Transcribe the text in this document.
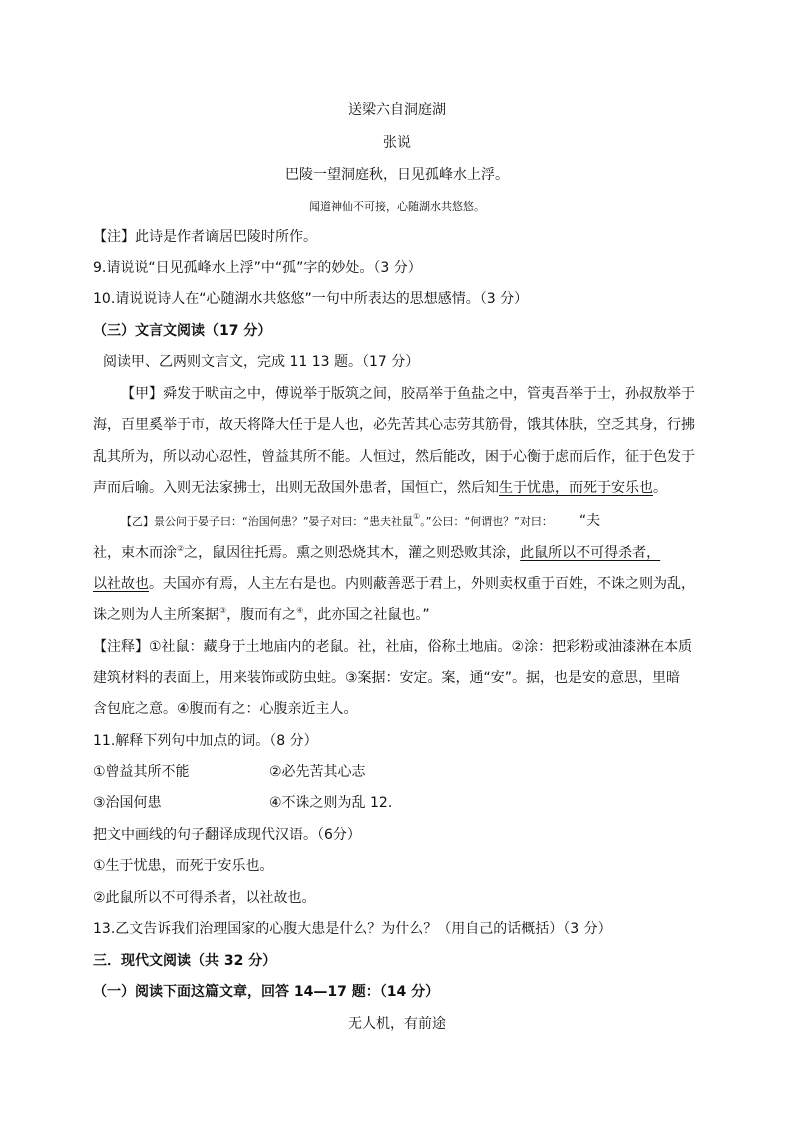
送梁六自洞庭湖
张说
巴陵一望洞庭秋，日见孤峰水上浮。
闻道神仙不可接，心随湖水共悠悠。
【注】此诗是作者谪居巴陵时所作。
9.请说说“日见孤峰水上浮”中“孤”字的妙处。（3 分）
10.请说说诗人在“心随湖水共悠悠”一句中所表达的思想感情。（3 分）
（三）文言文阅读（17 分）
阅读甲、乙两则文言文，完成 11 13 题。（17 分）
【甲】舜发于畎亩之中，傅说举于版筑之间，胶鬲举于鱼盐之中，管夷吾举于士，孙叔敖举于
海，百里奚举于市，故天将降大任于是人也，必先苦其心志劳其筋骨，饿其体肤，空乏其身，行拂
乱其所为，所以动心忍性，曾益其所不能。人恒过，然后能改，困于心衡于虑而后作，征于色发于
声而后喻。入则无法家拂士，出则无敌国外患者，国恒亡，然后知生于忧患，而死于安乐也。
【乙】景公问于晏子曰：“治国何患？”晏子对曰：“患夫社鼠①。”公曰：“何谓也？”对曰： “夫
社，束木而涂②之，鼠因往托焉。熏之则恐烧其木，灌之则恐败其涂，此鼠所以不可得杀者，
以社故也。夫国亦有焉，人主左右是也。内则蔽善恶于君上，外则卖权重于百姓，不诛之则为乱，
诛之则为人主所案据③，腹而有之④，此亦国之社鼠也。”
【注释】①社鼠：藏身于土地庙内的老鼠。社，社庙，俗称土地庙。②涂：把彩粉或油漆淋在本质
建筑材料的表面上，用来装饰或防虫蛀。③案据：安定。案，通“安”。据，也是安的意思，里暗
含包庇之意。④腹而有之：心腹亲近主人。
11.解释下列句中加点的词。（8 分）
①曾益其所不能	②必先苦其心志
③治国何患	④不诛之则为乱 12.
把文中画线的句子翻译成现代汉语。（6分）
①生于忧患，而死于安乐也。
②此鼠所以不可得杀者，以社故也。
13.乙文告诉我们治理国家的心腹大患是什么？为什么？（用自己的话概括）（3 分）
三．现代文阅读（共 32 分）
（一）阅读下面这篇文章，回答 14—17 题：（14 分）
无人机，有前途
